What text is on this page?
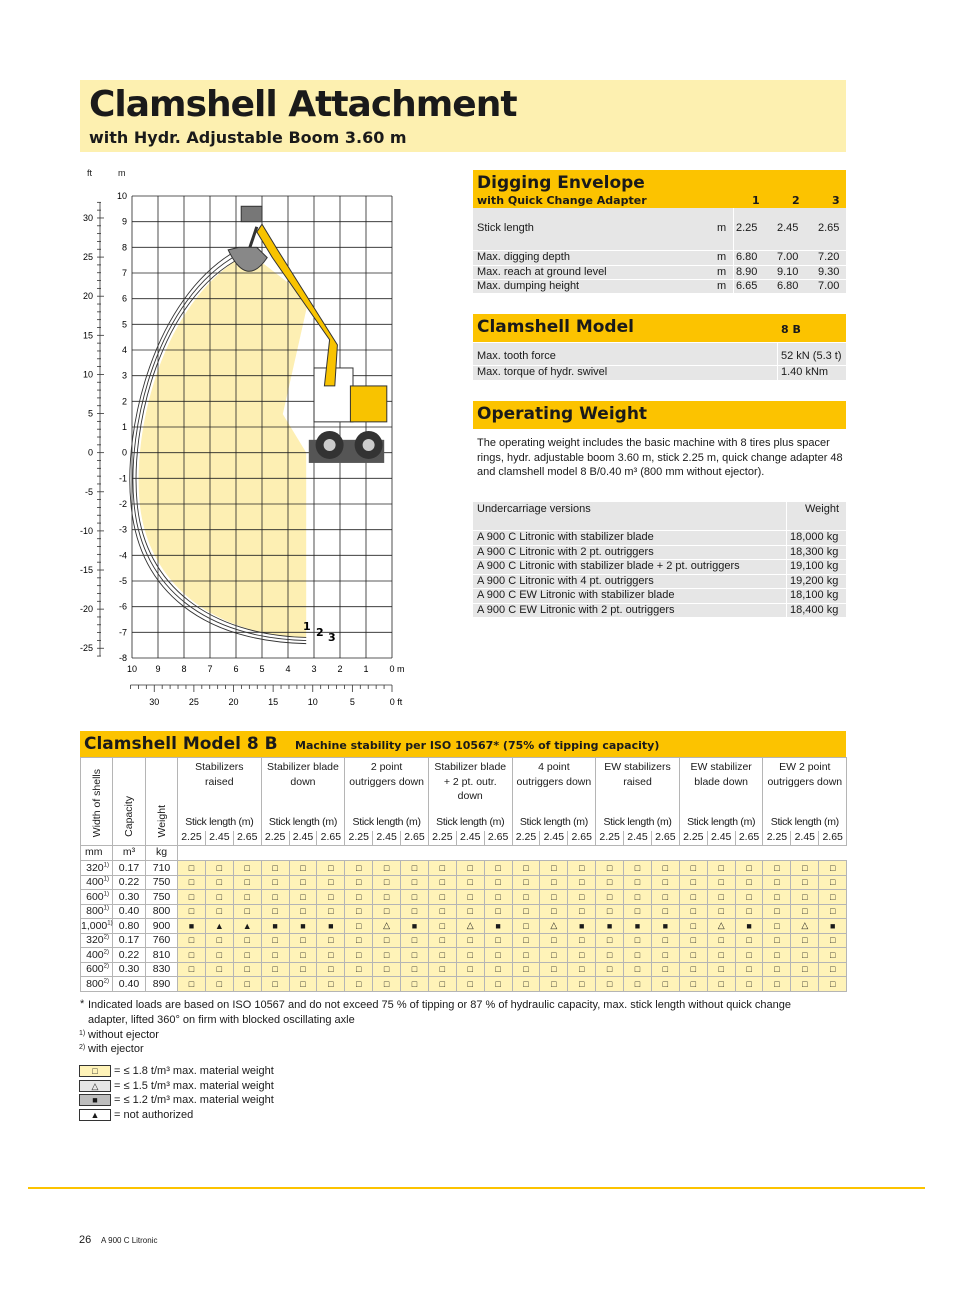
Clamshell Attachment
with Hydr. Adjustable Boom 3.60 m
ft	m
10
9
8
7
6
5
4
3
2
1
0
-1
-2
-3
-4
-5
-6
-7
-8
30
25
20
15
10
5
0
-5
-10
-15
-20
-25
10 9 8 7 6 5 4 3 2 1 0 m
30	25	20	15	10	5	0 ft
1 2 3
Digging Envelope
with Quick Change Adapter	1	2	3
Stick length	m 2.25 2.45 2.65
Max. digging depth	m 6.80 7.00 7.20
Max. reach at ground level	m 8.90 9.10 9.30
Max. dumping height	m 6.65 6.80 7.00
Clamshell Model	8 B
Max. tooth force	52 kN (5.3 t)
Max. torque of hydr. swivel	1.40 kNm
Operating Weight
The operating weight includes the basic machine with 8 tires plus spacer rings, hydr. adjustable boom 3.60 m, stick 2.25 m, quick change adapter 48 and clamshell model 8 B/0.40 m³ (800 mm without ejector).
Undercarriage versions	Weight
A 900 C Litronic with stabilizer blade	18,000 kg
A 900 C Litronic with 2 pt. outriggers	18,300 kg
A 900 C Litronic with stabilizer blade + 2 pt. outriggers	19,100 kg
A 900 C Litronic with 4 pt. outriggers	19,200 kg
A 900 C EW Litronic with stabilizer blade	18,100 kg
A 900 C EW Litronic with 2 pt. outriggers	18,400 kg
Clamshell Model 8 B Machine stability per ISO 10567* (75% of tipping capacity)
Width of shells	Capacity	Weight	Stabilizers raised			Stabilizer blade down			2 point outriggers down			Stabilizer blade + 2 pt. outr. down			4 point outriggers down			EW stabilizers raised			EW stabilizer blade down			EW 2 point outriggers down		

			Stick length (m)			Stick length (m)			Stick length (m)			Stick length (m)			Stick length (m)			Stick length (m)			Stick length (m)			Stick length (m)		
			2.25	2.45	2.65	2.25	2.45	2.65	2.25	2.45	2.65	2.25	2.45	2.65	2.25	2.45	2.65	2.25	2.45	2.65	2.25	2.45	2.65	2.25	2.45	2.65
mm	m³	kg																								
320$^{1)}$	0.17	710	□	□	□	□	□	□	□	□	□	□	□	□	□	□	□	□	□	□	□	□	□	□	□	□
400$^{1)}$	0.22	750	□	□	□	□	□	□	□	□	□	□	□	□	□	□	□	□	□	□	□	□	□	□	□	□
600$^{1)}$	0.30	750	□	□	□	□	□	□	□	□	□	□	□	□	□	□	□	□	□	□	□	□	□	□	□	□
800$^{1)}$	0.40	800	□	□	□	□	□	□	□	□	□	□	□	□	□	□	□	□	□	□	□	□	□	□	□	□
1,000$^{1)}$	0.80	900	■	▲	▲	■	■	■	□	△	■	□	△	■	□	△	■	■	■	■	□	△	■	□	△	■
320$^{2)}$	0.17	760	□	□	□	□	□	□	□	□	□	□	□	□	□	□	□	□	□	□	□	□	□	□	□	□
400$^{2)}$	0.22	810	□	□	□	□	□	□	□	□	□	□	□	□	□	□	□	□	□	□	□	□	□	□	□	□
600$^{2)}$	0.30	830	□	□	□	□	□	□	□	□	□	□	□	□	□	□	□	□	□	□	□	□	□	□	□	□
800$^{2)}$	0.40	890	□	□	□	□	□	□	□	□	□	□	□	□	□	□	□	□	□	□	□	□	□	□	□	□
* Indicated loads are based on ISO 10567 and do not exceed 75 % of tipping or 87 % of hydraulic capacity, max. stick length without quick change adapter, lifted 360° on firm with blocked oscillating axle
1) without ejector
2) with ejector
□	= ≤ 1.8 t/m³ max. material weight
△	= ≤ 1.5 t/m³ max. material weight
■	= ≤ 1.2 t/m³ max. material weight
▲	= not authorized
26 A 900 C Litronic
